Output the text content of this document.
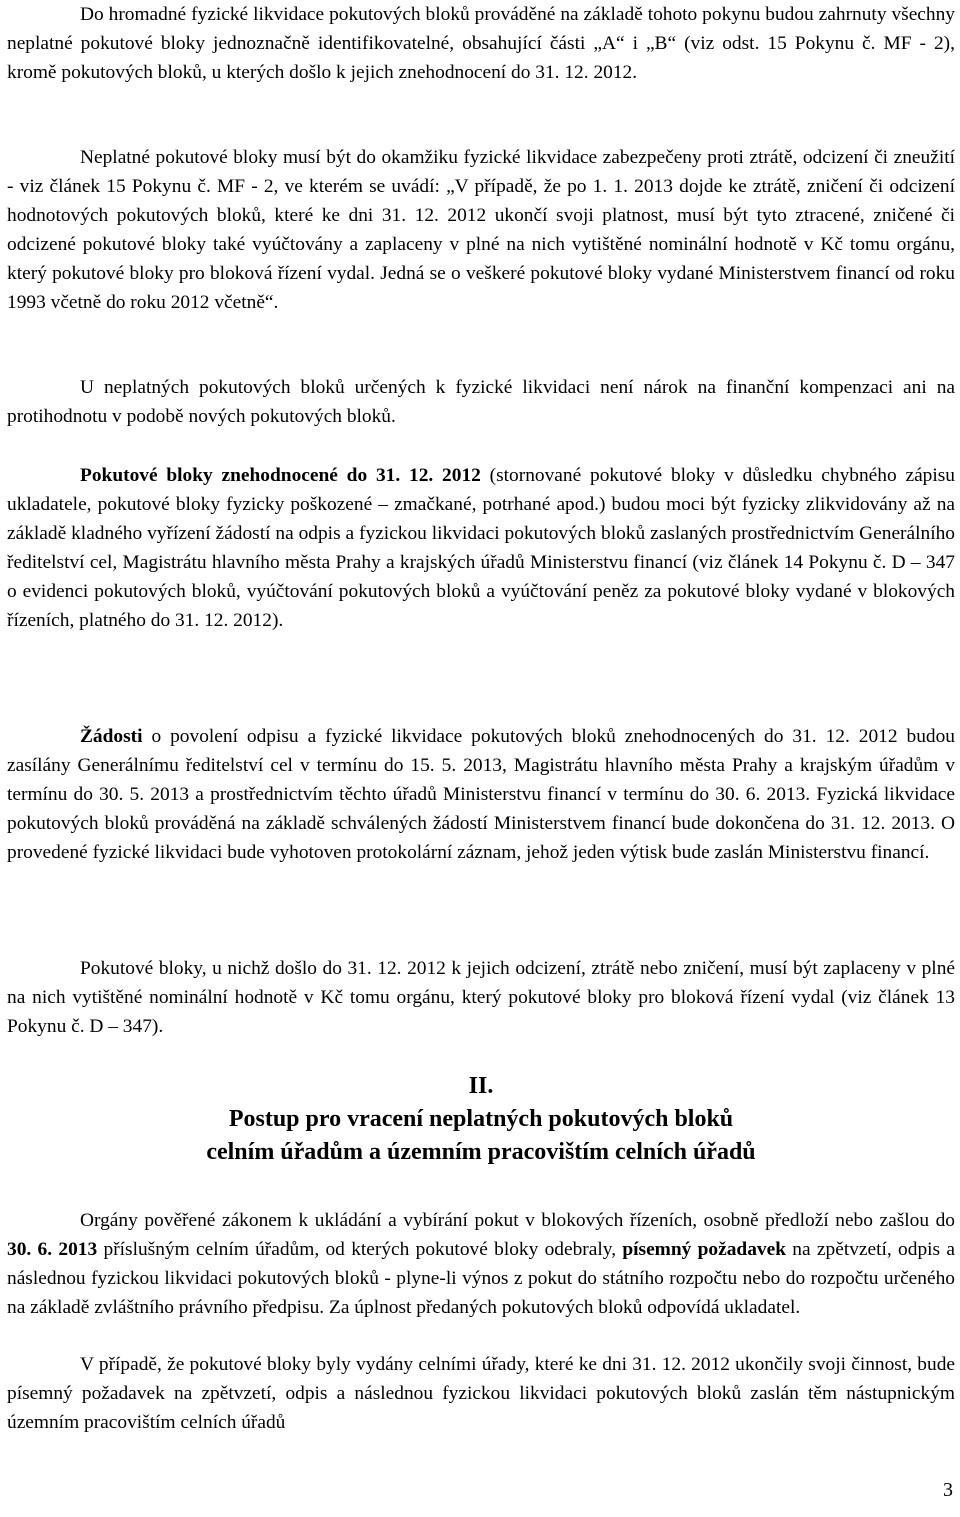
Do hromadné fyzické likvidace pokutových bloků prováděné na základě tohoto pokynu budou zahrnuty všechny neplatné pokutové bloky jednoznačně identifikovatelné, obsahující části „A“ i „B“ (viz odst. 15 Pokynu č. MF - 2), kromě pokutových bloků, u kterých došlo k jejich znehodnocení do 31. 12. 2012.

Neplatné pokutové bloky musí být do okamžiku fyzické likvidace zabezpečeny proti ztrátě, odcizení či zneužití - viz článek 15 Pokynu č. MF - 2, ve kterém se uvádí: „V případě, že po 1. 1. 2013 dojde ke ztrátě, zničení či odcizení hodnotových pokutových bloků, které ke dni 31. 12. 2012 ukončí svoji platnost, musí být tyto ztracené, zničené či odcizené pokutové bloky také vyúčtovány a zaplaceny v plné na nich vytištěné nominální hodnotě v Kč tomu orgánu, který pokutové bloky pro bloková řízení vydal. Jedná se o veškeré pokutové bloky vydané Ministerstvem financí od roku 1993 včetně do roku 2012 včetně“.

U neplatných pokutových bloků určených k fyzické likvidaci není nárok na finanční kompenzaci ani na protihodnotu v podobě nových pokutových bloků.

Pokutové bloky znehodnocené do 31. 12. 2012 (stornované pokutové bloky v důsledku chybného zápisu ukladatele, pokutové bloky fyzicky poškozené – zmačkané, potrhané apod.) budou moci být fyzicky zlikvidovány až na základě kladného vyřízení žádostí na odpis a fyzickou likvidaci pokutových bloků zaslaných prostřednictvím Generálního ředitelství cel, Magistrátu hlavního města Prahy a krajských úřadů Ministerstvu financí (viz článek 14 Pokynu č. D – 347 o evidenci pokutových bloků, vyúčtování pokutových bloků a vyúčtování peněz za pokutové bloky vydané v blokových řízeních, platného do 31. 12. 2012).

Žádosti o povolení odpisu a fyzické likvidace pokutových bloků znehodnocených do 31. 12. 2012 budou zasílány Generálnímu ředitelství cel v termínu do 15. 5. 2013, Magistrátu hlavního města Prahy a krajským úřadům v termínu do 30. 5. 2013 a prostřednictvím těchto úřadů Ministerstvu financí v termínu do 30. 6. 2013. Fyzická likvidace pokutových bloků prováděná na základě schválených žádostí Ministerstvem financí bude dokončena do 31. 12. 2013. O provedené fyzické likvidaci bude vyhotoven protokolární záznam, jehož jeden výtisk bude zaslán Ministerstvu financí.

Pokutové bloky, u nichž došlo do 31. 12. 2012 k jejich odcizení, ztrátě nebo zničení, musí být zaplaceny v plné na nich vytištěné nominální hodnotě v Kč tomu orgánu, který pokutové bloky pro bloková řízení vydal (viz článek 13 Pokynu č. D – 347).

II.
Postup pro vracení neplatných pokutových bloků
celním úřadům a územním pracovištím celních úřadů

Orgány pověřené zákonem k ukládání a vybírání pokut v blokových řízeních, osobně předloží nebo zašlou do 30. 6. 2013 příslušným celním úřadům, od kterých pokutové bloky odebraly, písemný požadavek na zpětvzetí, odpis a následnou fyzickou likvidaci pokutových bloků - plyne-li výnos z pokut do státního rozpočtu nebo do rozpočtu určeného na základě zvláštního právního předpisu. Za úplnost předaných pokutových bloků odpovídá ukladatel.

V případě, že pokutové bloky byly vydány celními úřady, které ke dni 31. 12. 2012 ukončily svoji činnost, bude písemný požadavek na zpětvzetí, odpis a následnou fyzickou likvidaci pokutových bloků zaslán těm nástupnickým územním pracovištím celních úřadů

3
